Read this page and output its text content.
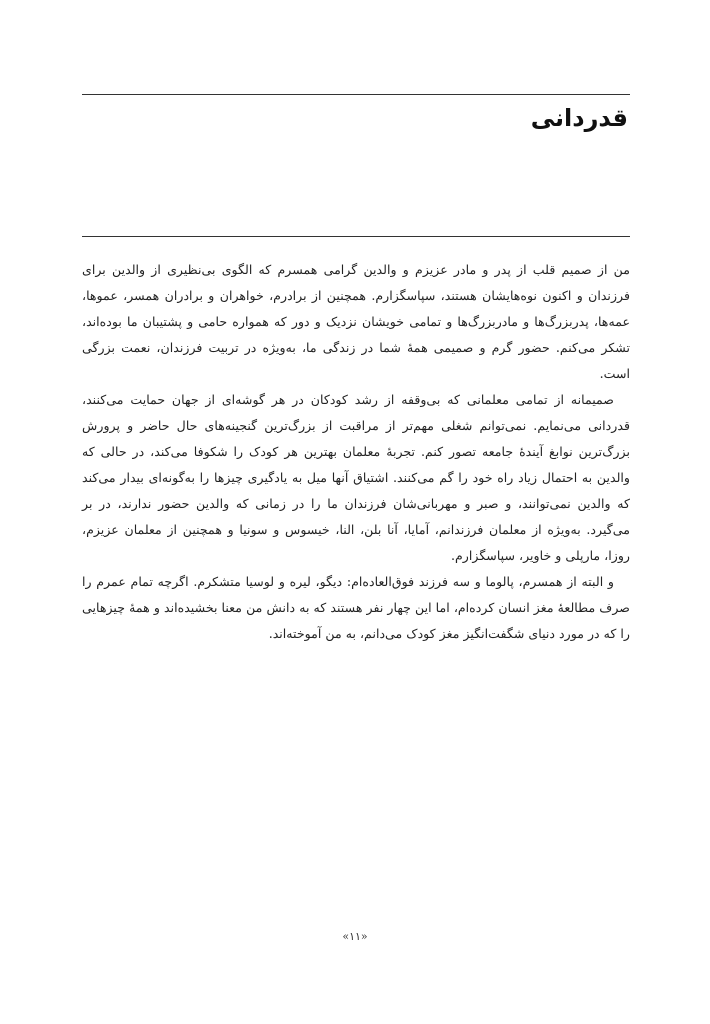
قدردانی

من از صمیم قلب از پدر و مادر عزیزم و والدین گرامی همسرم که الگوی بی‌نظیری از والدین برای فرزندان و اکنون نوه‌هایشان هستند، سپاسگزارم. همچنین از برادرم، خواهران و برادران همسر، عموها، عمه‌ها، پدربزرگ‌ها و مادربزرگ‌ها و تمامی خویشان نزدیک و دور که همواره حامی و پشتیبان ما بوده‌اند، تشکر می‌کنم. حضور گرم و صمیمی همهٔ شما در زندگی ما، به‌ویژه در تربیت فرزندان، نعمت بزرگی است.

صمیمانه از تمامی معلمانی که بی‌وقفه از رشد کودکان در هر گوشه‌ای از جهان حمایت می‌کنند، قدردانی می‌نمایم. نمی‌توانم شغلی مهم‌تر از مراقبت از بزرگ‌ترین گنجینه‌های حال حاضر و پرورش بزرگ‌ترین نوابغ آیندهٔ جامعه تصور کنم. تجربهٔ معلمان بهترین هر کودک را شکوفا می‌کند، در حالی که والدین به احتمال زیاد راه خود را گم می‌کنند. اشتیاق آنها میل به یادگیری چیزها را به‌گونه‌ای بیدار می‌کند که والدین نمی‌توانند، و صبر و مهربانی‌شان فرزندان ما را در زمانی که والدین حضور ندارند، در بر می‌گیرد. به‌ویژه از معلمان فرزندانم، آمایا، آنا بلن، النا، خیسوس و سونیا و همچنین از معلمان عزیزم، روزا، مارپلی و خاویر، سپاسگزارم.

و البته از همسرم، پالوما و سه فرزند فوق‌العاده‌ام: دیگو، لیره و لوسیا متشکرم. اگرچه تمام عمرم را صرف مطالعهٔ مغز انسان کرده‌ام، اما این چهار نفر هستند که به دانش من معنا بخشیده‌اند و همهٔ چیزهایی را که در مورد دنیای شگفت‌انگیز مغز کودک می‌دانم، به من آموخته‌اند.

«۱۱»
